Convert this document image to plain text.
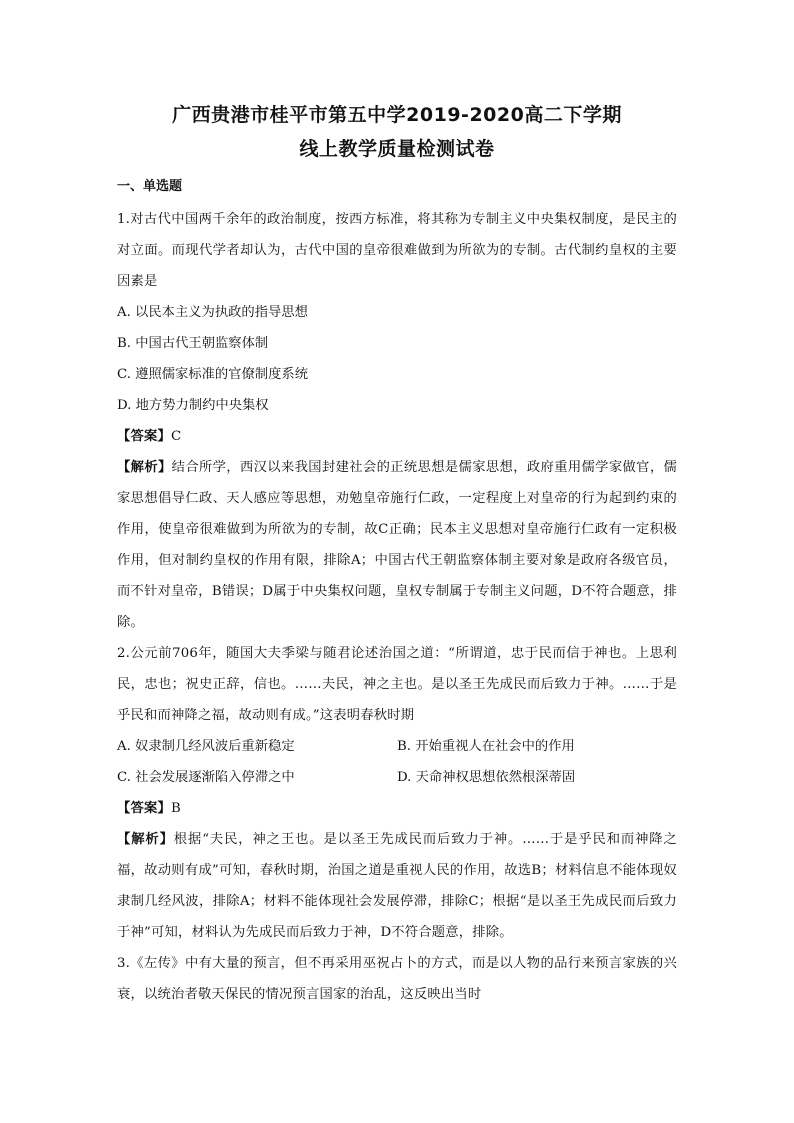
广西贵港市桂平市第五中学2019-2020高二下学期
线上教学质量检测试卷

一、单选题

1.对古代中国两千余年的政治制度，按西方标准，将其称为专制主义中央集权制度，是民主的对立面。而现代学者却认为，古代中国的皇帝很难做到为所欲为的专制。古代制约皇权的主要因素是

A. 以民本主义为执政的指导思想

B. 中国古代王朝监察体制

C. 遵照儒家标准的官僚制度系统

D. 地方势力制约中央集权

【答案】C

【解析】结合所学，西汉以来我国封建社会的正统思想是儒家思想，政府重用儒学家做官，儒家思想倡导仁政、天人感应等思想，劝勉皇帝施行仁政，一定程度上对皇帝的行为起到约束的作用，使皇帝很难做到为所欲为的专制，故C正确；民本主义思想对皇帝施行仁政有一定积极作用，但对制约皇权的作用有限，排除A；中国古代王朝监察体制主要对象是政府各级官员，而不针对皇帝，B错误；D属于中央集权问题，皇权专制属于专制主义问题，D不符合题意，排除。

2.公元前706年，随国大夫季梁与随君论述治国之道：“所谓道，忠于民而信于神也。上思利民，忠也；祝史正辞，信也。……夫民，神之主也。是以圣王先成民而后致力于神。……于是乎民和而神降之福，故动则有成。”这表明春秋时期

A. 奴隶制几经风波后重新稳定	B. 开始重视人在社会中的作用

C. 社会发展逐渐陷入停滞之中	D. 天命神权思想依然根深蒂固

【答案】B

【解析】根据“夫民，神之王也。是以圣王先成民而后致力于神。……于是乎民和而神降之福，故动则有成”可知，春秋时期，治国之道是重视人民的作用，故选B；材料信息不能体现奴隶制几经风波，排除A；材料不能体现社会发展停滞，排除C；根据“是以圣王先成民而后致力于神”可知，材料认为先成民而后致力于神，D不符合题意，排除。

3.《左传》中有大量的预言，但不再采用巫祝占卜的方式，而是以人物的品行来预言家族的兴衰，以统治者敬天保民的情况预言国家的治乱，这反映出当时
